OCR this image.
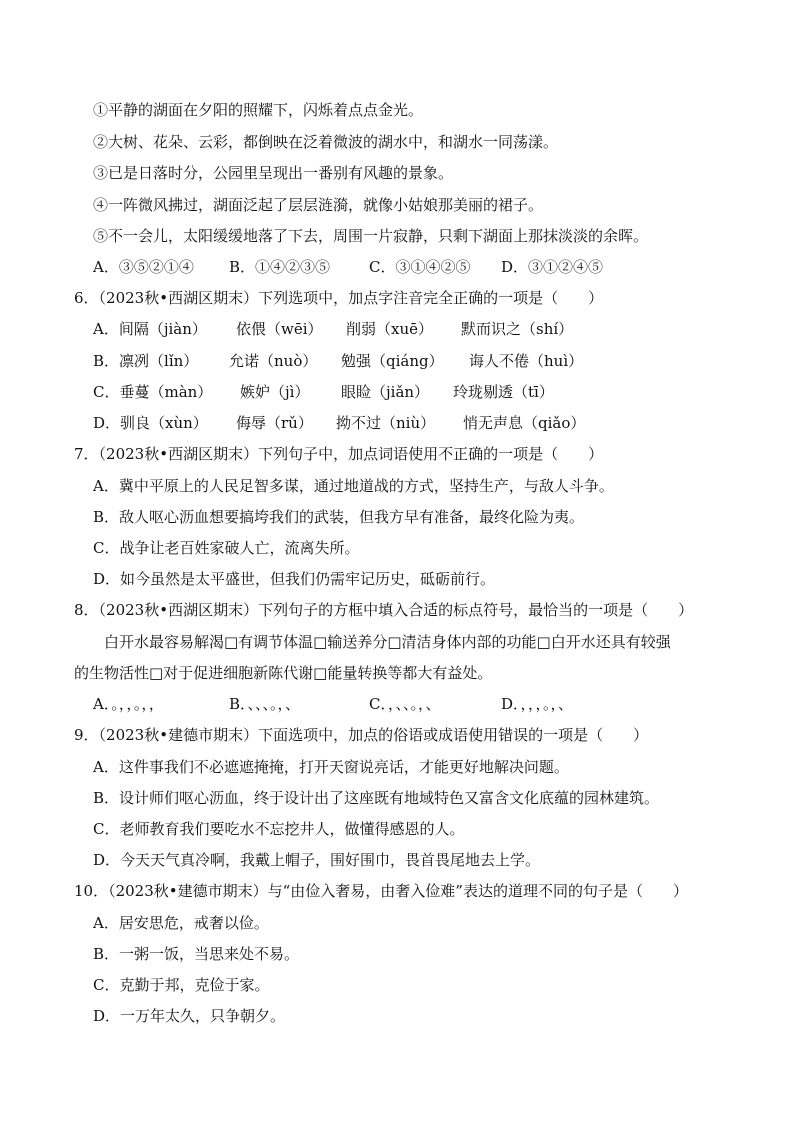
①平静的湖面在夕阳的照耀下，闪烁着点点金光。
②大树、花朵、云彩，都倒映在泛着微波的湖水中，和湖水一同荡漾。
③已是日落时分，公园里呈现出一番别有风趣的景象。
④一阵微风拂过，湖面泛起了层层涟漪，就像小姑娘那美丽的裙子。
⑤不一会儿，太阳缓缓地落了下去，周围一片寂静，只剩下湖面上那抹淡淡的余晖。
A．③⑤②①④ B．①④②③⑤	C．③①④②⑤ D．③①②④⑤
6．（2023秋•西湖区期末）下列选项中，加点字注音完全正确的一项是（　　）
A．间隔（jiàn） 依偎（wēi） 削弱（xuē） 默而识之（shí）
B．凛冽（lǐn） 允诺（nuò） 勉强（qiáng） 诲人不倦（huì）
C．垂蔓（màn） 嫉妒（jì） 眼睑（jiǎn） 玲珑剔透（tī）
D．驯良（xùn） 侮辱（rǔ） 拗不过（niù） 悄无声息（qiǎo）
7．（2023秋•西湖区期末）下列句子中，加点词语使用不正确的一项是（　　）
A．冀中平原上的人民足智多谋，通过地道战的方式，坚持生产，与敌人斗争。
B．敌人呕心沥血想要搞垮我们的武装，但我方早有准备，最终化险为夷。
C．战争让老百姓家破人亡，流离失所。
D．如今虽然是太平盛世，但我们仍需牢记历史，砥砺前行。
8．（2023秋•西湖区期末）下列句子的方框中填入合适的标点符号，最恰当的一项是（　　）
白开水最容易解渴□有调节体温□输送养分□清洁身体内部的功能□白开水还具有较强
的生物活性□对于促进细胞新陈代谢□能量转换等都大有益处。
A．。，，。，，	B．、、、。，、	C．，、、。，、	D．，，，。，、
9．（2023秋•建德市期末）下面选项中，加点的俗语或成语使用错误的一项是（　　）
A．这件事我们不必遮遮掩掩，打开天窗说亮话，才能更好地解决问题。
B．设计师们呕心沥血，终于设计出了这座既有地域特色又富含文化底蕴的园林建筑。
C．老师教育我们要吃水不忘挖井人，做懂得感恩的人。
D．今天天气真冷啊，我戴上帽子，围好围巾，畏首畏尾地去上学。
10．（2023秋•建德市期末）与“由俭入奢易，由奢入俭难”表达的道理不同的句子是（　　）
A．居安思危，戒奢以俭。
B．一粥一饭，当思来处不易。
C．克勤于邦，克俭于家。
D．一万年太久，只争朝夕。
